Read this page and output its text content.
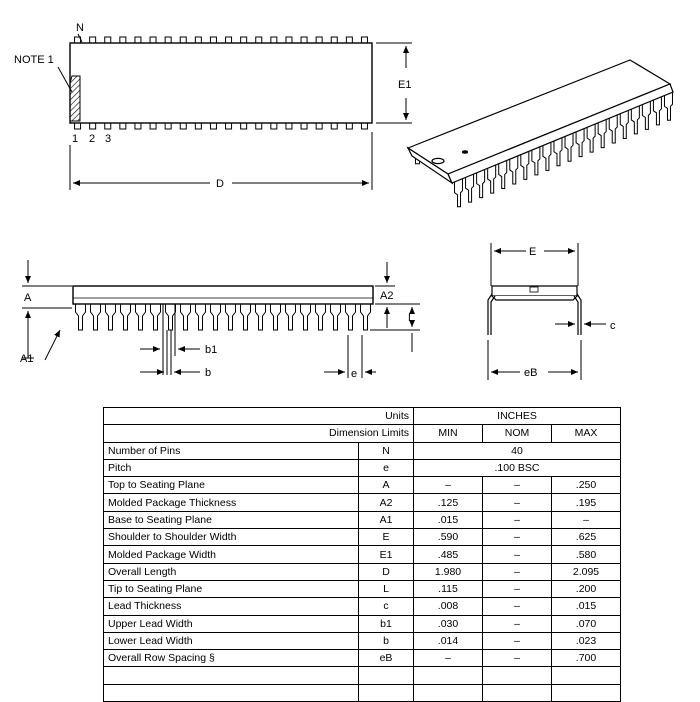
N
NOTE 1
1 2 3
E1
D
A
A1
A2
L
b1
b	e
E
c
eB
Units		INCHES		
Dimension Limits		MIN	NOM	MAX
Number of Pins	N	40		
Pitch	e	.100 BSC		
Top to Seating Plane	A	–	–	.250
Molded Package Thickness	A2	.125	–	.195
Base to Seating Plane	A1	.015	–	–
Shoulder to Shoulder Width	E	.590	–	.625
Molded Package Width	E1	.485	–	.580
Overall Length	D	1.980	–	2.095
Tip to Seating Plane	L	.115	–	.200
Lead Thickness	c	.008	–	.015
Upper Lead Width	b1	.030	–	.070
Lower Lead Width	b	.014	–	.023
Overall Row Spacing §	eB	–	–	.700
